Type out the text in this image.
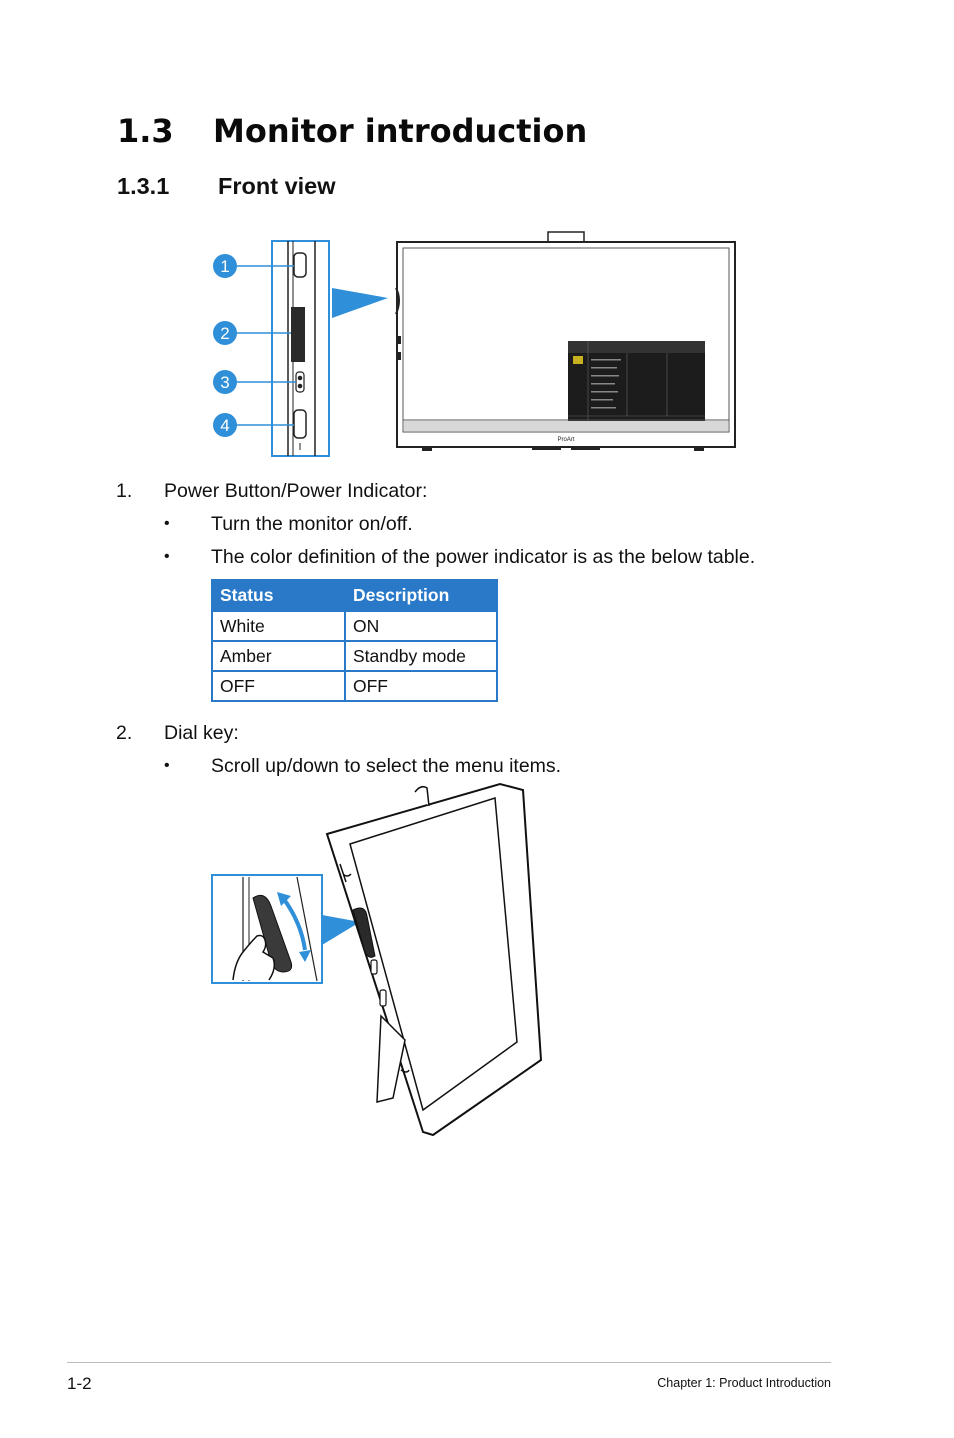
1.3 Monitor introduction
1.3.1 Front view
1
2
3
4
ProArt
1. Power Button/Power Indicator:
• Turn the monitor on/off.
• The color definition of the power indicator is as the below table.
Status	Description
White	ON
Amber	Standby mode
OFF	OFF
2. Dial key:
• Scroll up/down to select the menu items.
1-2	Chapter 1: Product Introduction
